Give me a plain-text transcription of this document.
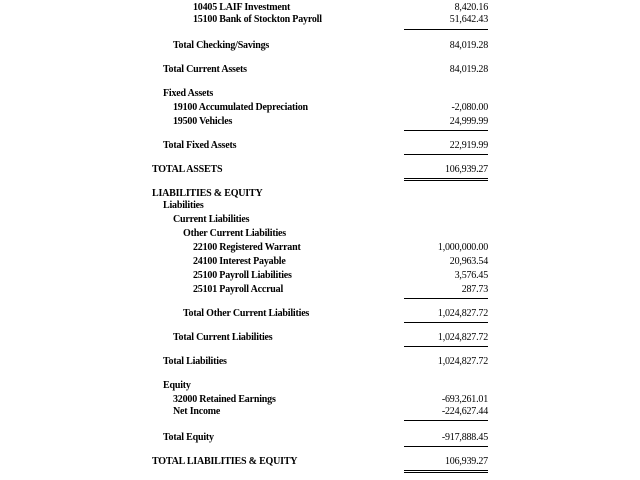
10405 LAIF Investment	8,420.16
15100 Bank of Stockton Payroll	51,642.43
Total Checking/Savings	84,019.28
Total Current Assets	84,019.28
Fixed Assets
19100 Accumulated Depreciation	-2,080.00
19500 Vehicles	24,999.99
Total Fixed Assets	22,919.99
TOTAL ASSETS	106,939.27
LIABILITIES & EQUITY
Liabilities
Current Liabilities
Other Current Liabilities
22100 Registered Warrant	1,000,000.00
24100 Interest Payable	20,963.54
25100 Payroll Liabilities	3,576.45
25101 Payroll Accrual	287.73
Total Other Current Liabilities	1,024,827.72
Total Current Liabilities	1,024,827.72
Total Liabilities	1,024,827.72
Equity
32000 Retained Earnings	-693,261.01
Net Income	-224,627.44
Total Equity	-917,888.45
TOTAL LIABILITIES & EQUITY	106,939.27
